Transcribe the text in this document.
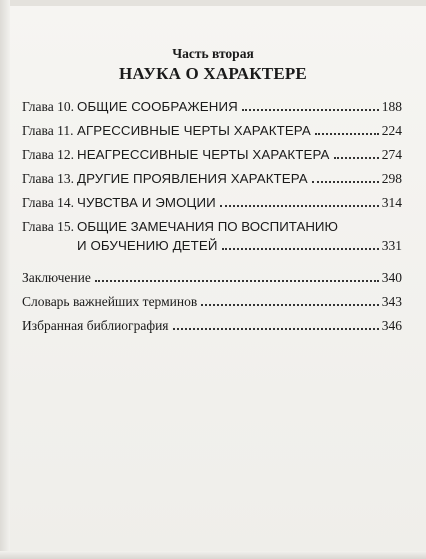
Часть вторая
НАУКА О ХАРАКТЕРЕ
Глава 10. ОБЩИЕ СООБРАЖЕНИЯ	188
Глава 11. АГРЕССИВНЫЕ ЧЕРТЫ ХАРАКТЕРА	224
Глава 12. НЕАГРЕССИВНЫЕ ЧЕРТЫ ХАРАКТЕРА	274
Глава 13. ДРУГИЕ ПРОЯВЛЕНИЯ ХАРАКТЕРА	298
Глава 14. ЧУВСТВА И ЭМОЦИИ	314
Глава 15. ОБЩИЕ ЗАМЕЧАНИЯ ПО ВОСПИТАНИЮ
И ОБУЧЕНИЮ ДЕТЕЙ	331
Заключение	340
Словарь важнейших терминов	343
Избранная библиография	346
